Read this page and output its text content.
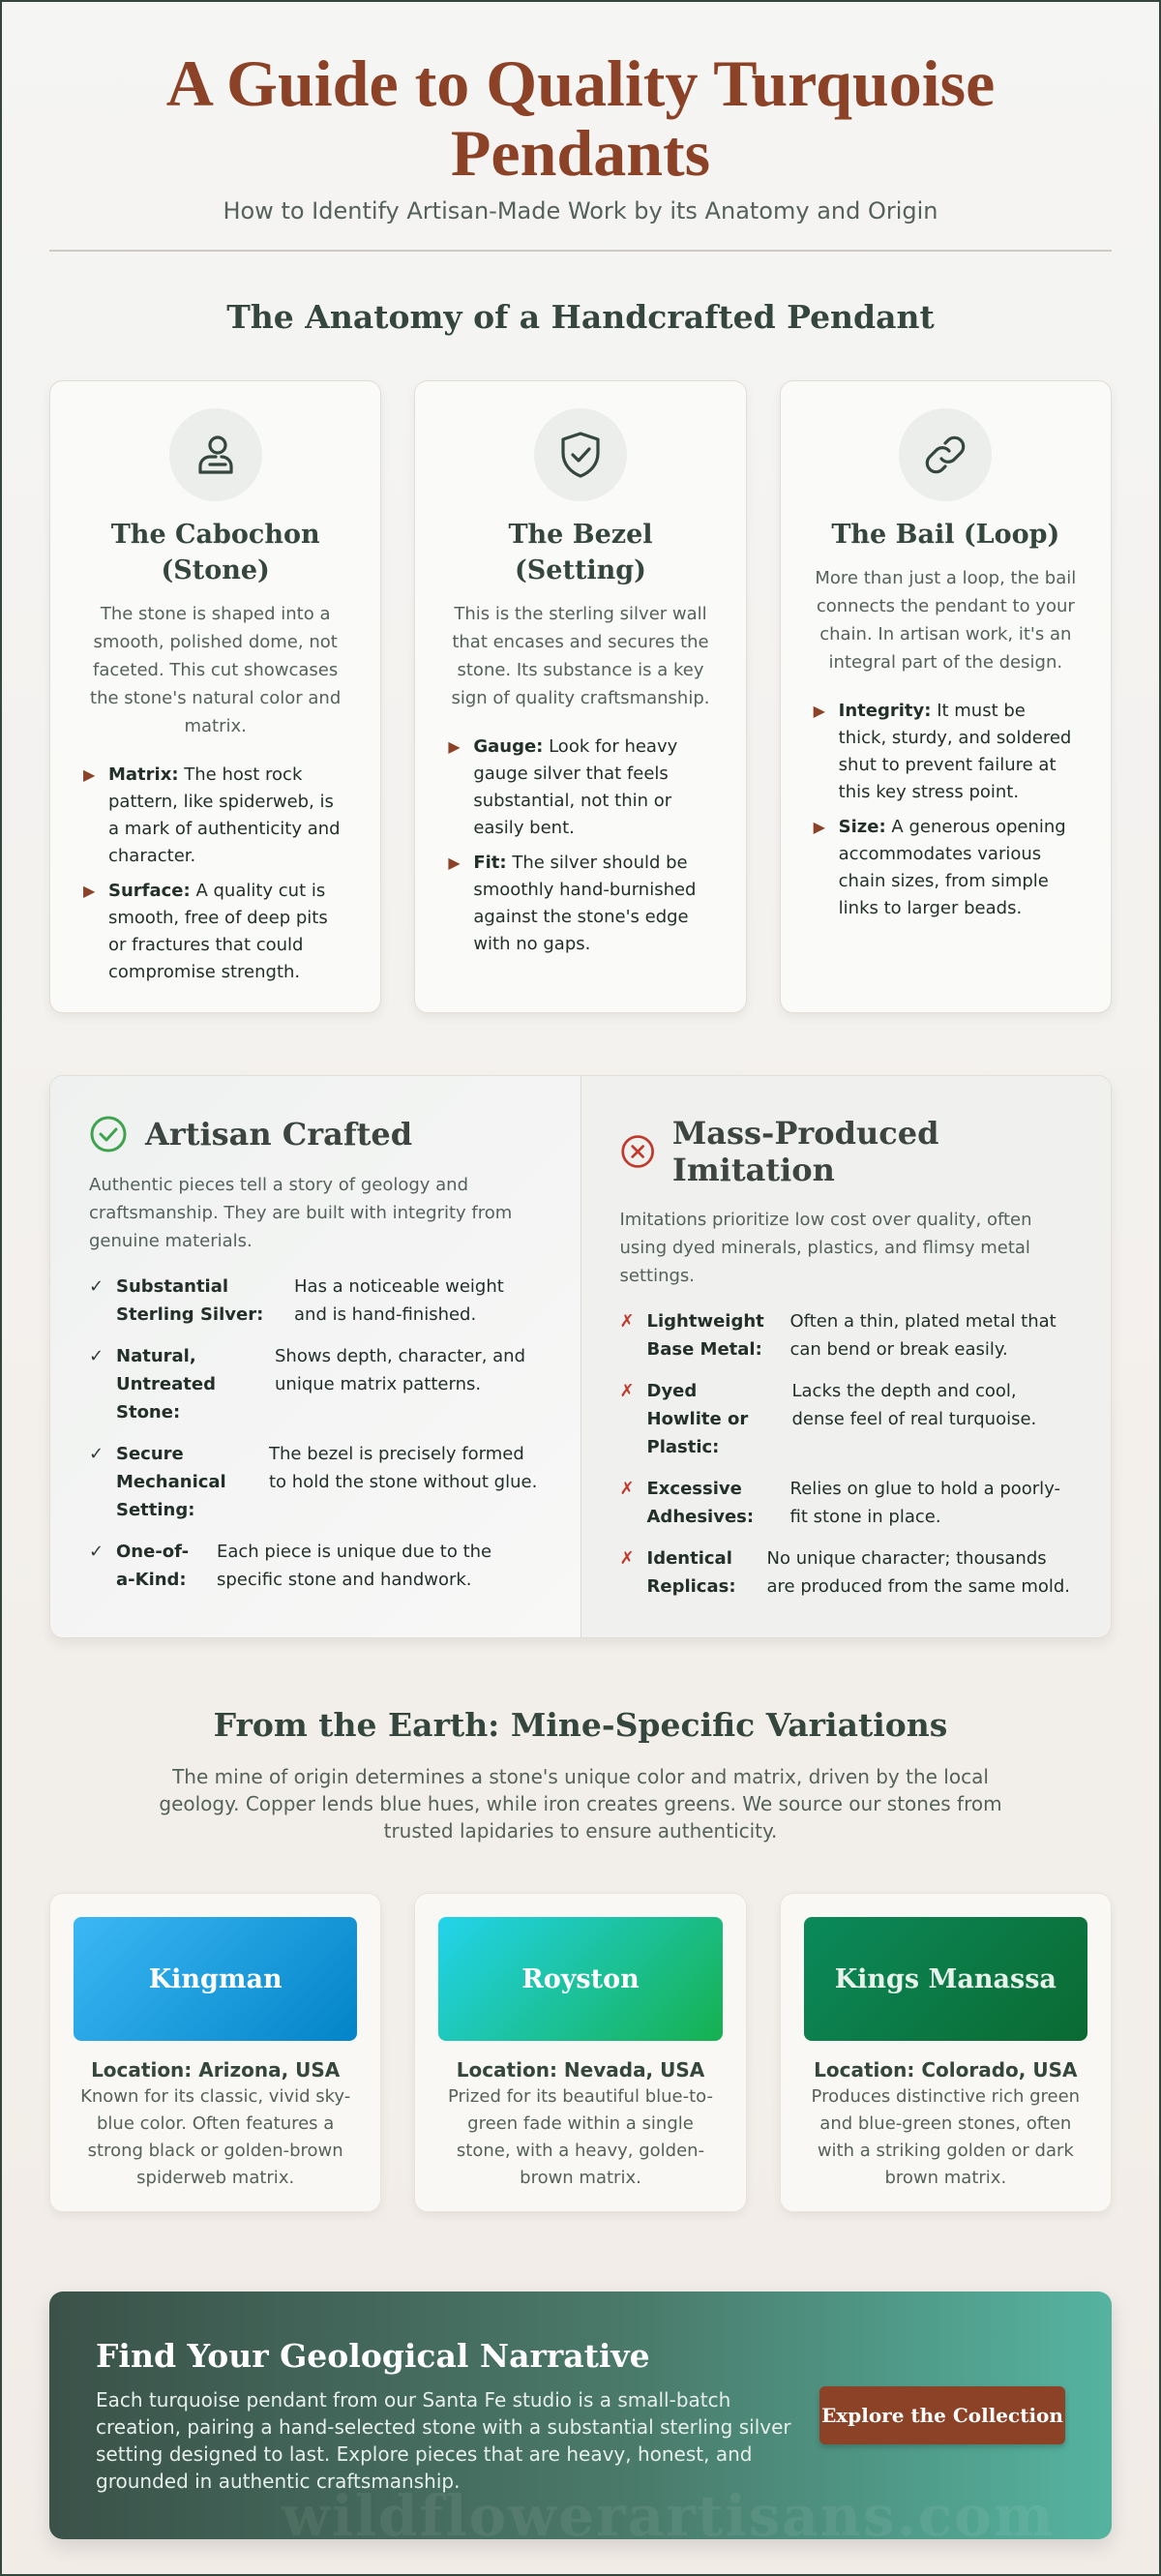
A Guide to Quality Turquoise Pendants

How to Identify Artisan-Made Work by its Anatomy and Origin

The Anatomy of a Handcrafted Pendant
The Cabochon (Stone)

The stone is shaped into a smooth, polished dome, not faceted. This cut showcases the stone's natural color and matrix.

▶ Matrix: The host rock pattern, like spiderweb, is a mark of authenticity and character.
▶ Surface: A quality cut is smooth, free of deep pits or fractures that could compromise strength.
The Bezel (Setting)

This is the sterling silver wall that encases and secures the stone. Its substance is a key sign of quality craftsmanship.

▶ Gauge: Look for heavy gauge silver that feels substantial, not thin or easily bent.
▶ Fit: The silver should be smoothly hand-burnished against the stone's edge with no gaps.
The Bail (Loop)

More than just a loop, the bail connects the pendant to your chain. In artisan work, it's an integral part of the design.

▶ Integrity: It must be thick, sturdy, and soldered shut to prevent failure at this key stress point.
▶ Size: A generous opening accommodates various chain sizes, from simple links to larger beads.
Artisan Crafted

Authentic pieces tell a story of geology and craftsmanship. They are built with integrity from genuine materials.

✓ Substantial Sterling Silver:
Has a noticeable weight and is hand-finished.
✓ Natural, Untreated Stone:
Shows depth, character, and unique matrix patterns.
✓ Secure Mechanical Setting:
The bezel is precisely formed to hold the stone without glue.
✓ One-of-a-Kind:
Each piece is unique due to the specific stone and handwork.
Mass-Produced Imitation

Imitations prioritize low cost over quality, often using dyed minerals, plastics, and flimsy metal settings.

✗ Lightweight Base Metal:
Often a thin, plated metal that can bend or break easily.
✗ Dyed Howlite or Plastic:
Lacks the depth and cool, dense feel of real turquoise.
✗ Excessive Adhesives:
Relies on glue to hold a poorly-fit stone in place.
✗ Identical Replicas:
No unique character; thousands are produced from the same mold.
From the Earth: Mine-Specific Variations

The mine of origin determines a stone's unique color and matrix, driven by the local geology. Copper lends blue hues, while iron creates greens. We source our stones from trusted lapidaries to ensure authenticity.

Kingman

Location: Arizona, USA

Known for its classic, vivid sky-blue color. Often features a strong black or golden-brown spiderweb matrix.

Royston

Location: Nevada, USA

Prized for its beautiful blue-to-green fade within a single stone, with a heavy, golden-brown matrix.

Kings Manassa

Location: Colorado, USA

Produces distinctive rich green and blue-green stones, often with a striking golden or dark brown matrix.

Find Your Geological Narrative

Each turquoise pendant from our Santa Fe studio is a small-batch creation, pairing a hand-selected stone with a substantial sterling silver setting designed to last. Explore pieces that are heavy, honest, and grounded in authentic craftsmanship.

Explore the Collection
wildflowerartisans.com
